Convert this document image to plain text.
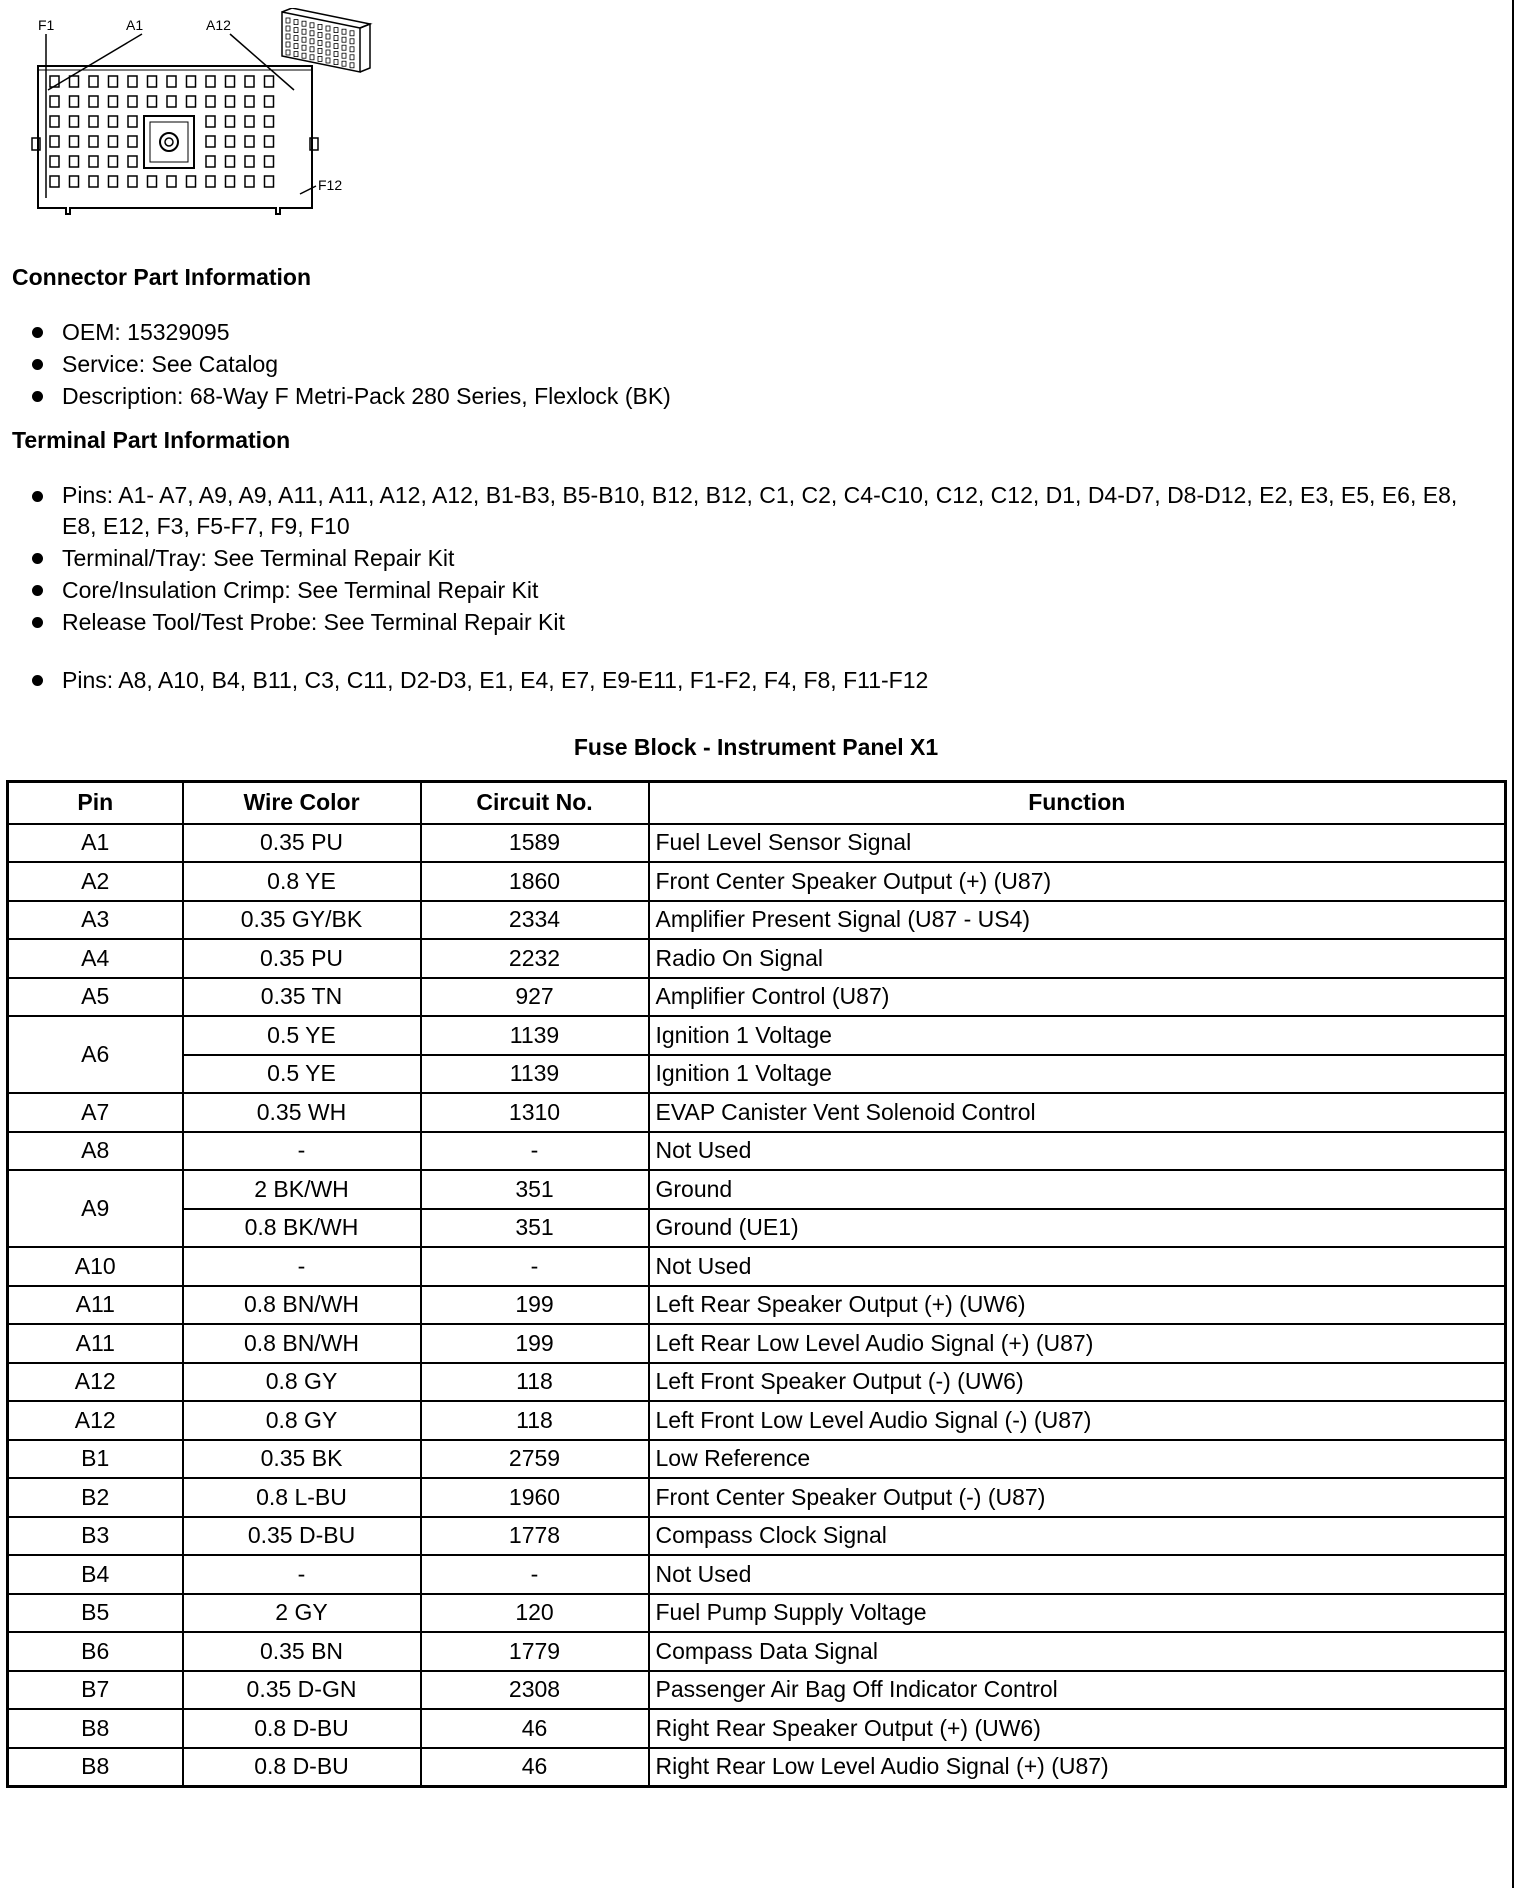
F1	A1	A12
F12
Connector Part Information
OEM: 15329095
Service: See Catalog
Description: 68-Way F Metri-Pack 280 Series, Flexlock (BK)
Terminal Part Information
Pins: A1- A7, A9, A9, A11, A11, A12, A12, B1-B3, B5-B10, B12, B12, C1, C2, C4-C10, C12, C12, D1, D4-D7, D8-D12, E2, E3, E5, E6, E8, E8, E12, F3, F5-F7, F9, F10
Terminal/Tray: See Terminal Repair Kit
Core/Insulation Crimp: See Terminal Repair Kit
Release Tool/Test Probe: See Terminal Repair Kit
Pins: A8, A10, B4, B11, C3, C11, D2-D3, E1, E4, E7, E9-E11, F1-F2, F4, F8, F11-F12
Fuse Block - Instrument Panel X1
Pin	Wire Color	Circuit No.	Function
A1	0.35 PU	1589	Fuel Level Sensor Signal
A2	0.8 YE	1860	Front Center Speaker Output (+) (U87)
A3	0.35 GY/BK	2334	Amplifier Present Signal (U87 - US4)
A4	0.35 PU	2232	Radio On Signal
A5	0.35 TN	927	Amplifier Control (U87)
A6	0.5 YE	1139	Ignition 1 Voltage
	0.5 YE	1139	Ignition 1 Voltage
A7	0.35 WH	1310	EVAP Canister Vent Solenoid Control
A8	-	-	Not Used
A9	2 BK/WH	351	Ground
	0.8 BK/WH	351	Ground (UE1)
A10	-	-	Not Used
A11	0.8 BN/WH	199	Left Rear Speaker Output (+) (UW6)
A11	0.8 BN/WH	199	Left Rear Low Level Audio Signal (+) (U87)
A12	0.8 GY	118	Left Front Speaker Output (-) (UW6)
A12	0.8 GY	118	Left Front Low Level Audio Signal (-) (U87)
B1	0.35 BK	2759	Low Reference
B2	0.8 L-BU	1960	Front Center Speaker Output (-) (U87)
B3	0.35 D-BU	1778	Compass Clock Signal
B4	-	-	Not Used
B5	2 GY	120	Fuel Pump Supply Voltage
B6	0.35 BN	1779	Compass Data Signal
B7	0.35 D-GN	2308	Passenger Air Bag Off Indicator Control
B8	0.8 D-BU	46	Right Rear Speaker Output (+) (UW6)
B8	0.8 D-BU	46	Right Rear Low Level Audio Signal (+) (U87)
